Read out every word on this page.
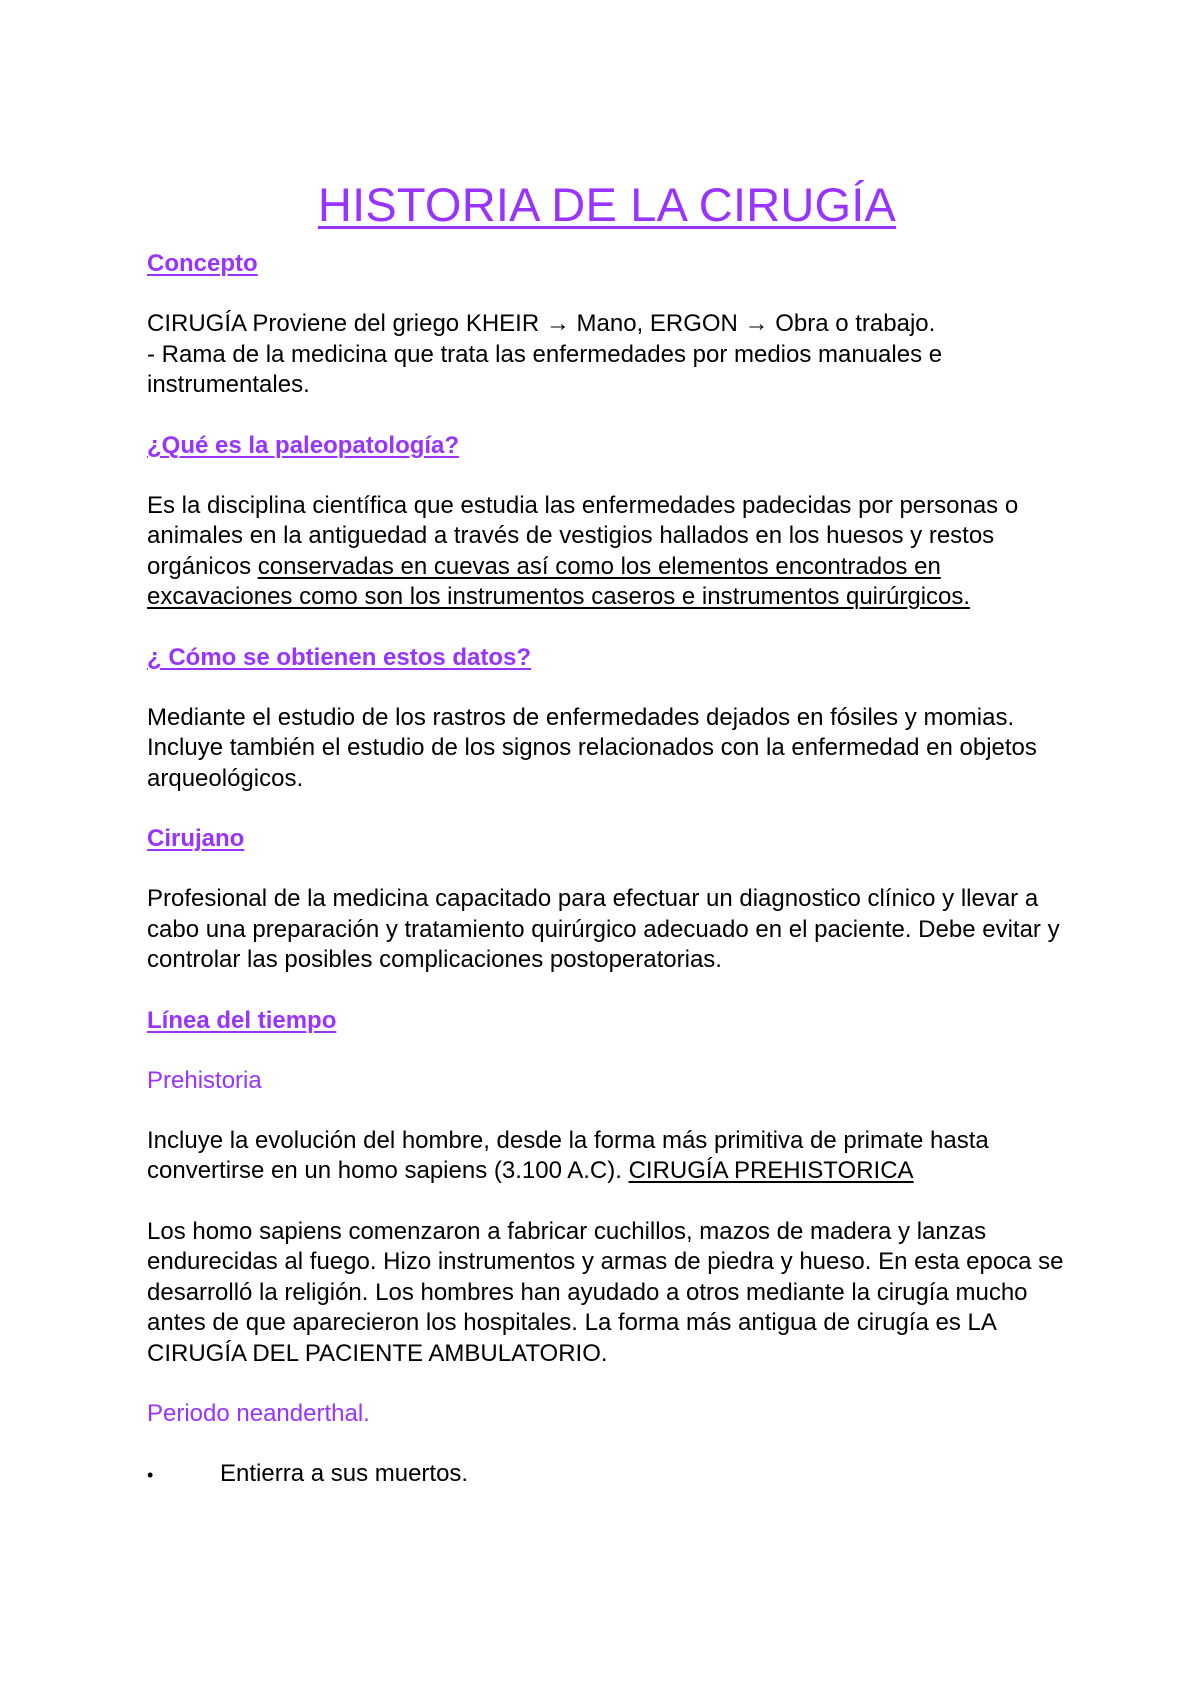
HISTORIA DE LA CIRUGÍA

Concepto

CIRUGÍA Proviene del griego KHEIR → Mano, ERGON → Obra o trabajo.

- Rama de la medicina que trata las enfermedades por medios manuales e instrumentales.

¿Qué es la paleopatología?

Es la disciplina científica que estudia las enfermedades padecidas por personas o animales en la antiguedad a través de vestigios hallados en los huesos y restos orgánicos conservadas en cuevas así como los elementos encontrados en excavaciones como son los instrumentos caseros e instrumentos quirúrgicos.

¿ Cómo se obtienen estos datos?

Mediante el estudio de los rastros de enfermedades dejados en fósiles y momias. Incluye también el estudio de los signos relacionados con la enfermedad en objetos arqueológicos.

Cirujano

Profesional de la medicina capacitado para efectuar un diagnostico clínico y llevar a cabo una preparación y tratamiento quirúrgico adecuado en el paciente. Debe evitar y controlar las posibles complicaciones postoperatorias.

Línea del tiempo

Prehistoria

Incluye la evolución del hombre, desde la forma más primitiva de primate hasta convertirse en un homo sapiens (3.100 A.C). CIRUGÍA PREHISTORICA

Los homo sapiens comenzaron a fabricar cuchillos, mazos de madera y lanzas endurecidas al fuego. Hizo instrumentos y armas de piedra y hueso. En esta epoca se desarrolló la religión. Los hombres han ayudado a otros mediante la cirugía mucho antes de que aparecieron los hospitales. La forma más antigua de cirugía es LA CIRUGÍA DEL PACIENTE AMBULATORIO.

Periodo neanderthal.

•	Entierra a sus muertos.
